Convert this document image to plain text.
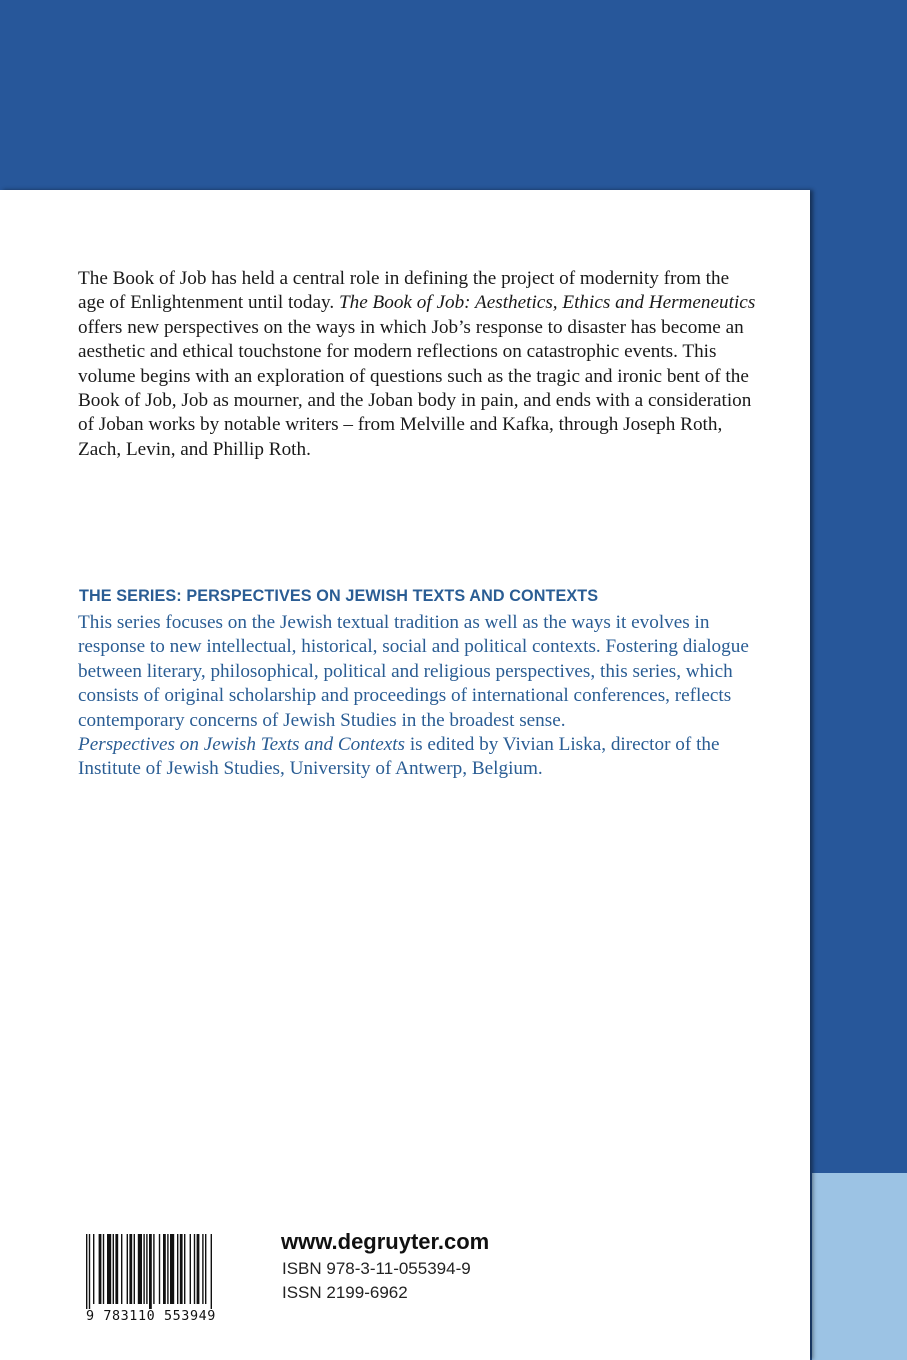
The Book of Job has held a central role in defining the project of modernity from the age of Enlightenment until today. The Book of Job: Aesthetics, Ethics and Hermeneutics offers new perspectives on the ways in which Job’s response to disaster has become an aesthetic and ethical touchstone for modern reflections on catastrophic events. This volume begins with an exploration of questions such as the tragic and ironic bent of the Book of Job, Job as mourner, and the Joban body in pain, and ends with a consideration of Joban works by notable writers – from Melville and Kafka, through Joseph Roth, Zach, Levin, and Phillip Roth.

THE SERIES: PERSPECTIVES ON JEWISH TEXTS AND CONTEXTS

This series focuses on the Jewish textual tradition as well as the ways it evolves in response to new intellectual, historical, social and political contexts. Fostering dialogue between literary, philosophical, political and religious perspectives, this series, which consists of original scholarship and proceedings of international conferences, reflects contemporary concerns of Jewish Studies in the broadest sense.

Perspectives on Jewish Texts and Contexts is edited by Vivian Liska, director of the Institute of Jewish Studies, University of Antwerp, Belgium.

9 783110 553949

www.degruyter.com

ISBN 978-3-11-055394-9
ISSN 2199-6962
